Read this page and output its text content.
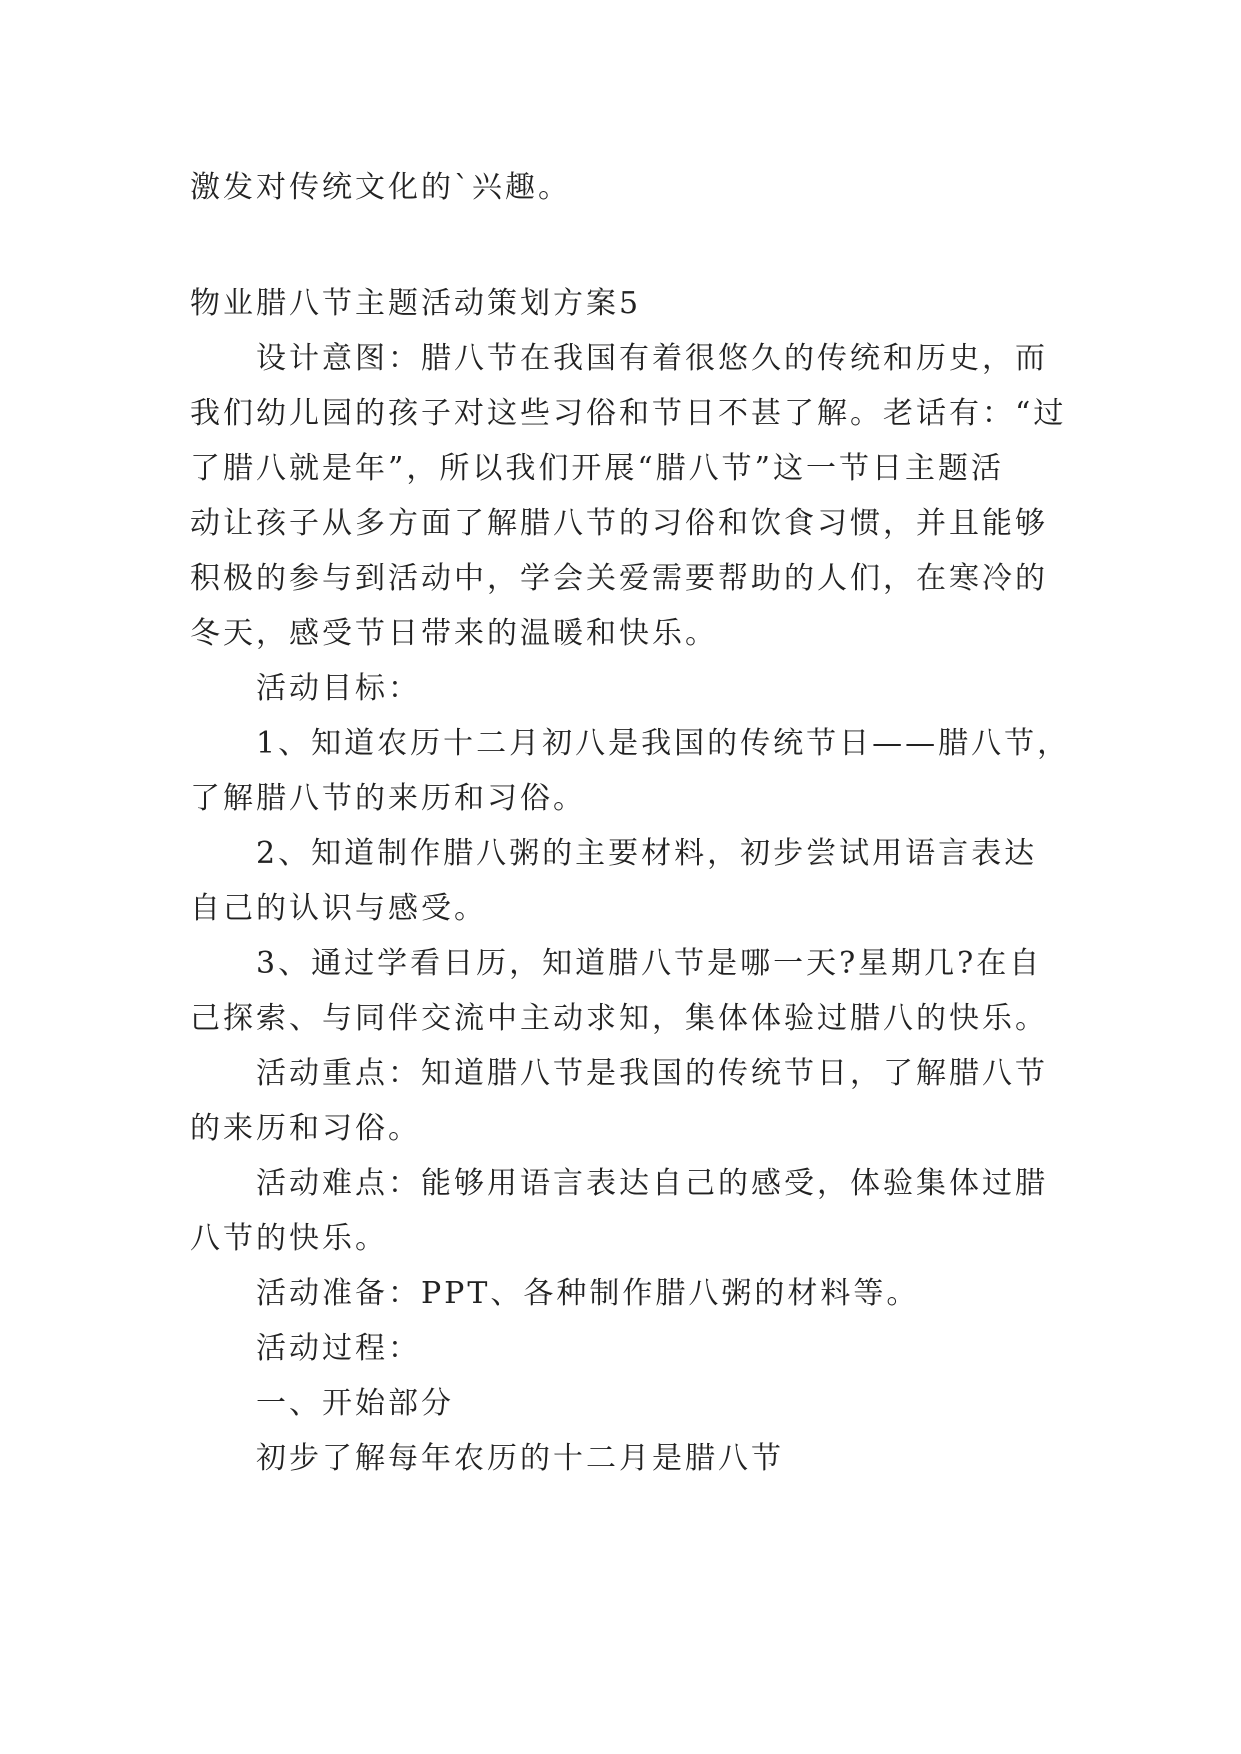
激发对传统文化的`兴趣。
物业腊八节主题活动策划方案5
设计意图：腊八节在我国有着很悠久的传统和历史，而
我们幼儿园的孩子对这些习俗和节日不甚了解。老话有：“过
了腊八就是年”，所以我们开展“腊八节”这一节日主题活
动让孩子从多方面了解腊八节的习俗和饮食习惯，并且能够
积极的参与到活动中，学会关爱需要帮助的人们，在寒冷的
冬天，感受节日带来的温暖和快乐。
活动目标：
1、知道农历十二月初八是我国的传统节日——腊八节，
了解腊八节的来历和习俗。
2、知道制作腊八粥的主要材料，初步尝试用语言表达
自己的认识与感受。
3、通过学看日历，知道腊八节是哪一天?星期几?在自
己探索、与同伴交流中主动求知，集体体验过腊八的快乐。
活动重点：知道腊八节是我国的传统节日，了解腊八节
的来历和习俗。
活动难点：能够用语言表达自己的感受，体验集体过腊
八节的快乐。
活动准备：PPT、各种制作腊八粥的材料等。
活动过程：
一、开始部分
初步了解每年农历的十二月是腊八节
